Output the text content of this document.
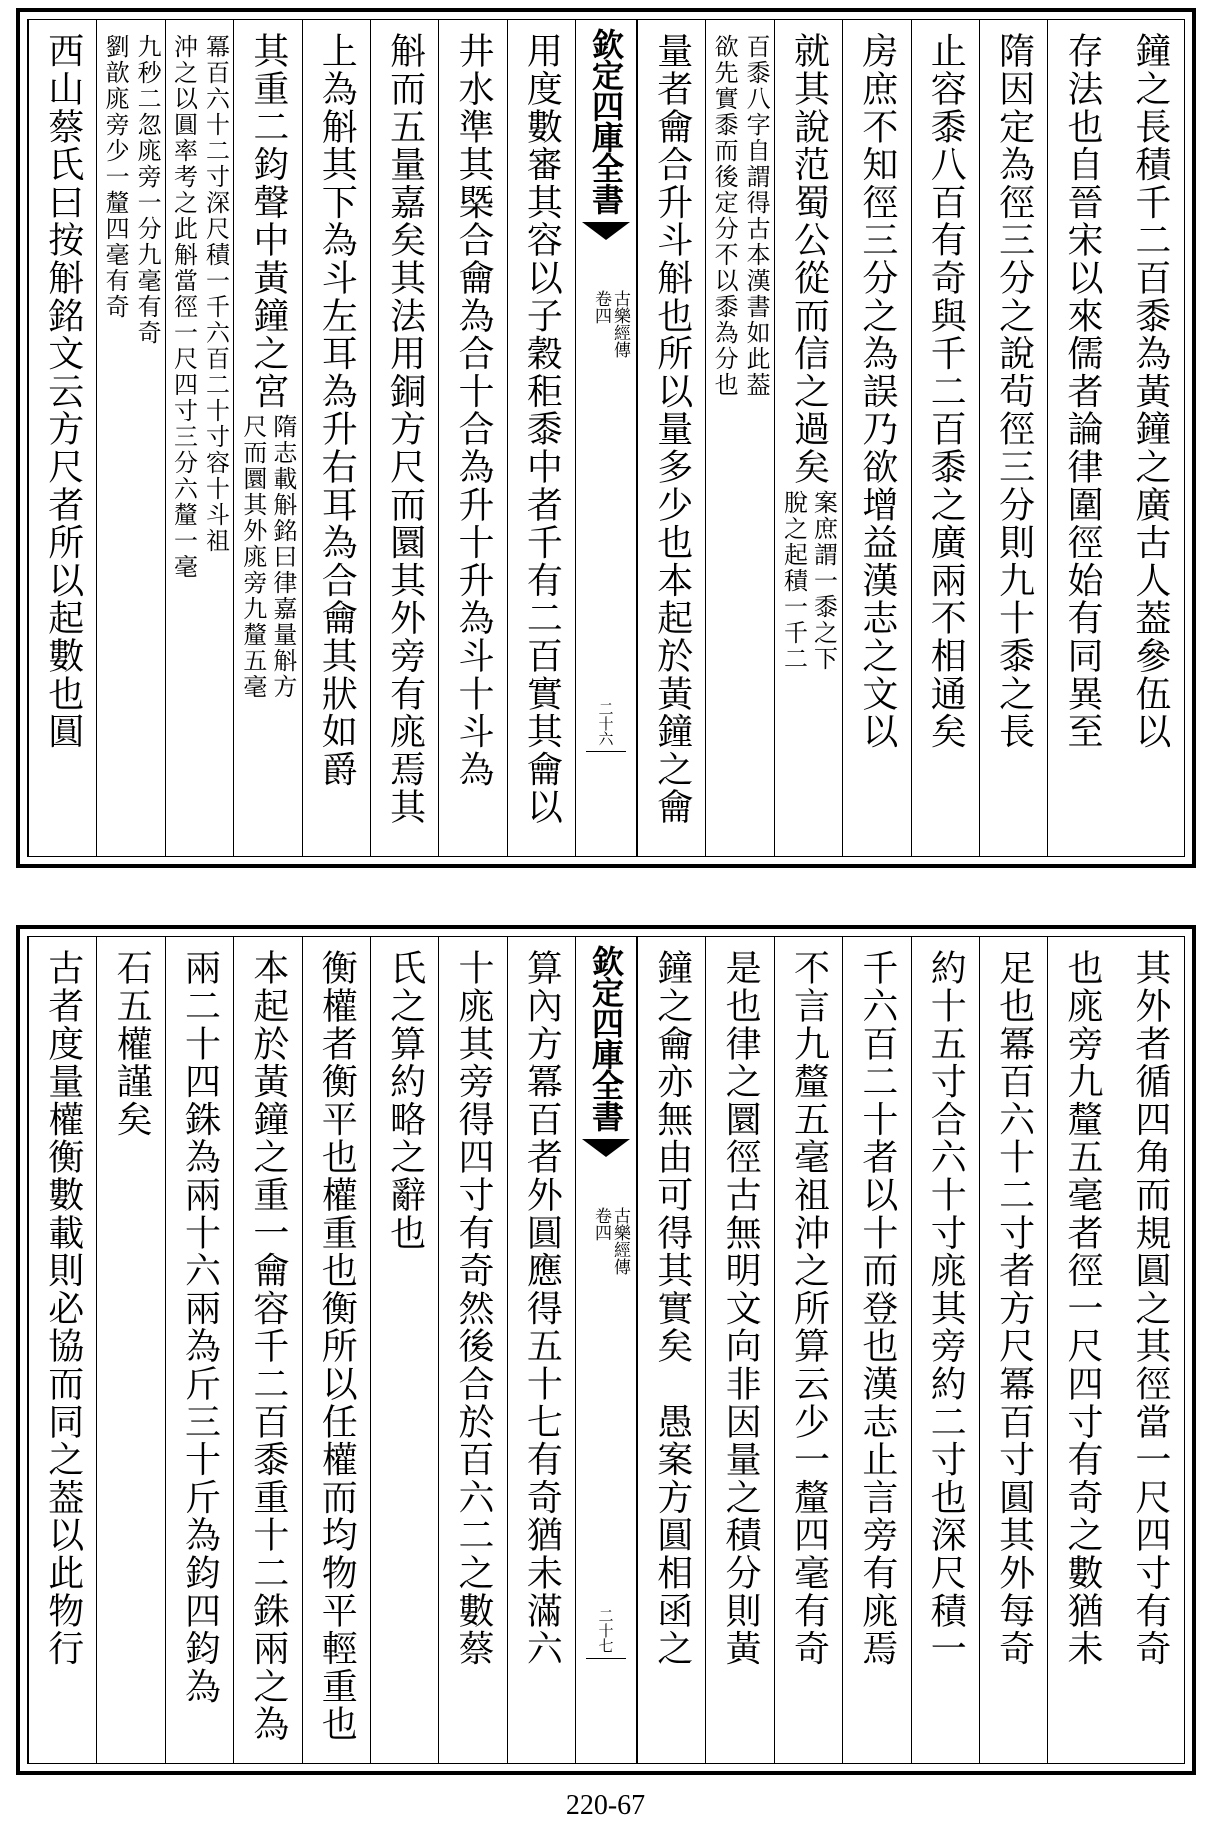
鐘之長積千二百黍為黃鐘之廣古人葢參伍以
存法也自晉宋以來儒者論律圍徑始有同異至
隋因定為徑三分之說茍徑三分則九十黍之長
止容黍八百有奇與千二百黍之廣兩不相通矣
房庶不知徑三分之為誤乃欲增益漢志之文以
就其說范蜀公從而信之過矣
案庶謂一黍之下
脫之起積一千二
百黍八字自謂得古本漢書如此葢
欲先實黍而後定分不以黍為分也
量者龠合升斗斛也所以量多少也本起於黃鐘之龠
欽定四庫全書
古樂經傳
卷四
二十六
用度數審其容以子穀秬黍中者千有二百實其龠以
井水準其槩合龠為合十合為升十升為斗十斗為
斛而五量嘉矣其法用銅方尺而圜其外旁有庣焉其
上為斛其下為斗左耳為升右耳為合龠其狀如爵
其重二鈞聲中黃鐘之宮
隋志載斛銘曰律嘉量斛方
尺而圜其外庣旁九釐五毫
冪百六十二寸深尺積一千六百二十寸容十斗祖
沖之以圓率考之此斛當徑一尺四寸三分六釐一毫
九秒二忽庣旁一分九毫有奇
劉歆庣旁少一釐四毫有奇
西山蔡氏曰按斛銘文云方尺者所以起數也圓
其外者循四角而規圓之其徑當一尺四寸有奇
也庣旁九釐五毫者徑一尺四寸有奇之數猶未
足也冪百六十二寸者方尺冪百寸圓其外每奇
約十五寸合六十寸庣其旁約二寸也深尺積一
千六百二十者以十而登也漢志止言旁有庣焉
不言九釐五毫祖沖之所算云少一釐四毫有奇
是也律之圜徑古無明文向非因量之積分則黃
鐘之龠亦無由可得其實矣　愚案方圓相函之
欽定四庫全書
古樂經傳
卷四
二十七
算內方冪百者外圓應得五十七有奇猶未滿六
十庣其旁得四寸有奇然後合於百六二之數蔡
氏之算約略之辭也
衡權者衡平也權重也衡所以任權而均物平輕重也
本起於黃鐘之重一龠容千二百黍重十二銖兩之為
兩二十四銖為兩十六兩為斤三十斤為鈞四鈞為
石五權謹矣
古者度量權衡數載則必協而同之葢以此物行
220-67
